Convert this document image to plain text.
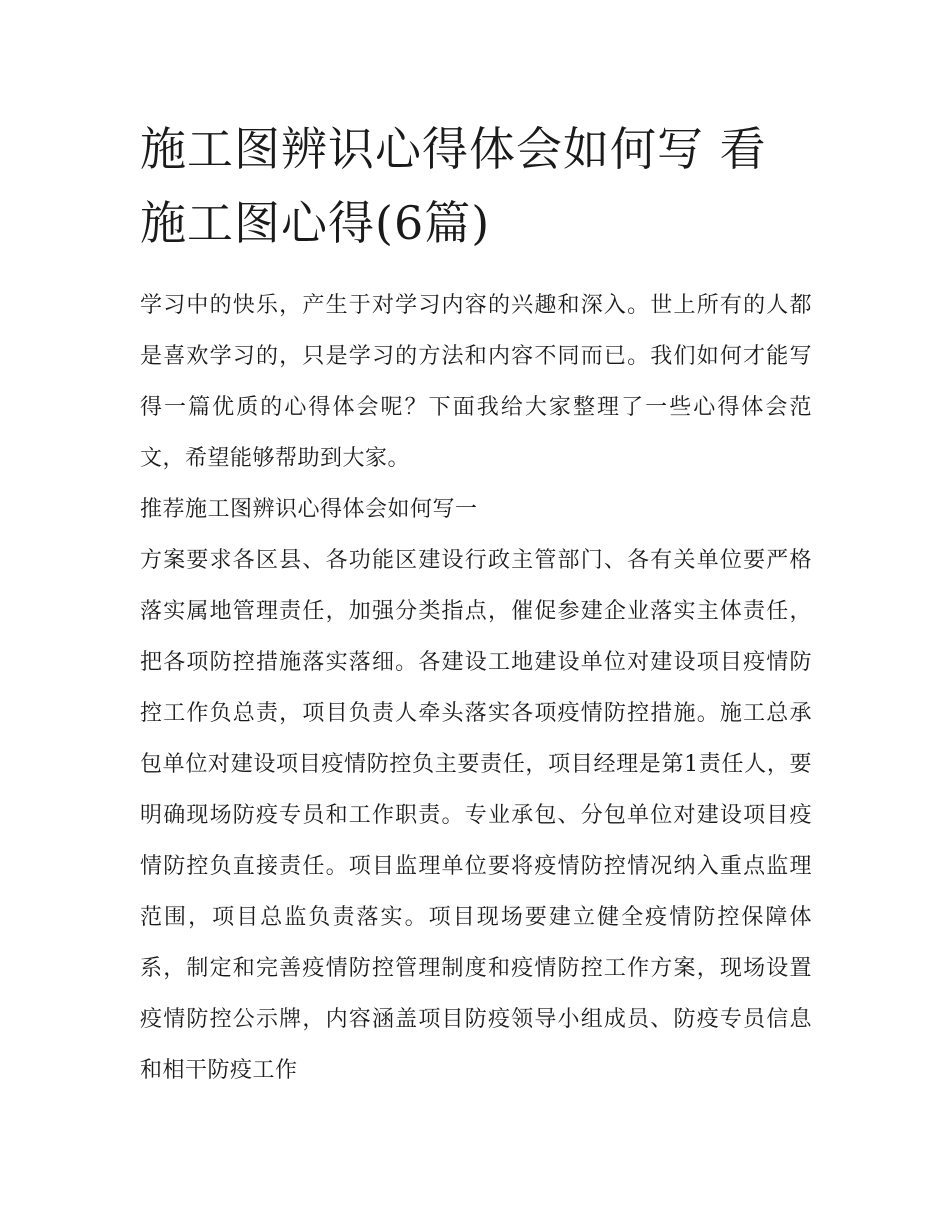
施工图辨识心得体会如何写 看施工图心得(6篇)

学习中的快乐，产生于对学习内容的兴趣和深入。世上所有的人都是喜欢学习的，只是学习的方法和内容不同而已。我们如何才能写得一篇优质的心得体会呢？下面我给大家整理了一些心得体会范文，希望能够帮助到大家。

推荐施工图辨识心得体会如何写一

方案要求各区县、各功能区建设行政主管部门、各有关单位要严格落实属地管理责任，加强分类指点，催促参建企业落实主体责任，把各项防控措施落实落细。各建设工地建设单位对建设项目疫情防控工作负总责，项目负责人牵头落实各项疫情防控措施。施工总承包单位对建设项目疫情防控负主要责任，项目经理是第1责任人，要明确现场防疫专员和工作职责。专业承包、分包单位对建设项目疫情防控负直接责任。项目监理单位要将疫情防控情况纳入重点监理范围，项目总监负责落实。项目现场要建立健全疫情防控保障体系，制定和完善疫情防控管理制度和疫情防控工作方案，现场设置疫情防控公示牌，内容涵盖项目防疫领导小组成员、防疫专员信息和相干防疫工作
